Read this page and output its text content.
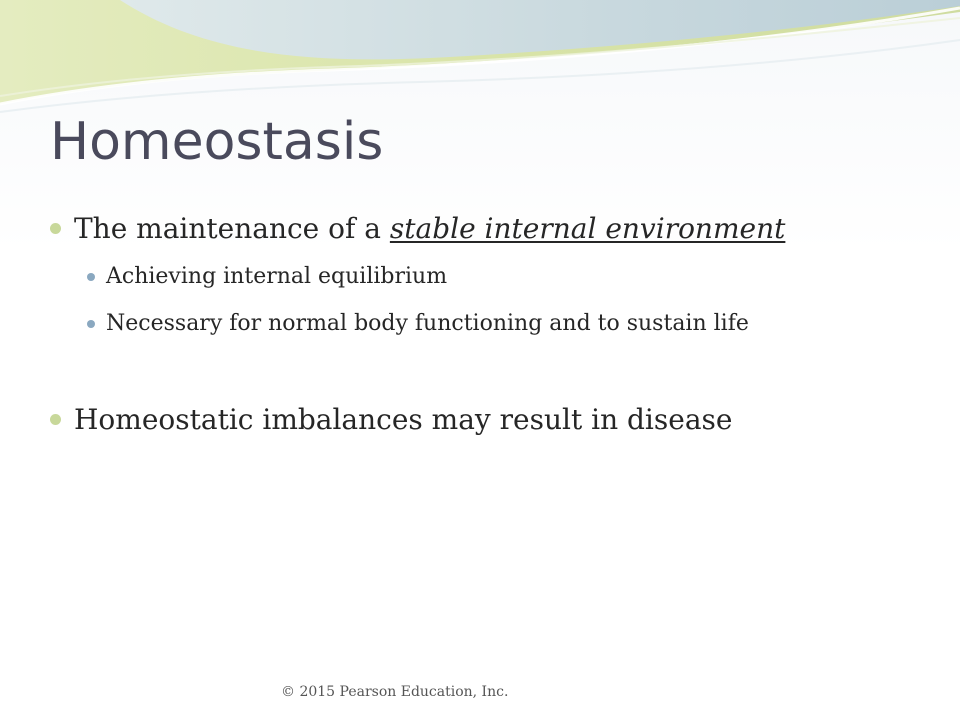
Homeostasis
The maintenance of a stable internal environment
Achieving internal equilibrium
Necessary for normal body functioning and to sustain life
Homeostatic imbalances may result in disease
© 2015 Pearson Education, Inc.
